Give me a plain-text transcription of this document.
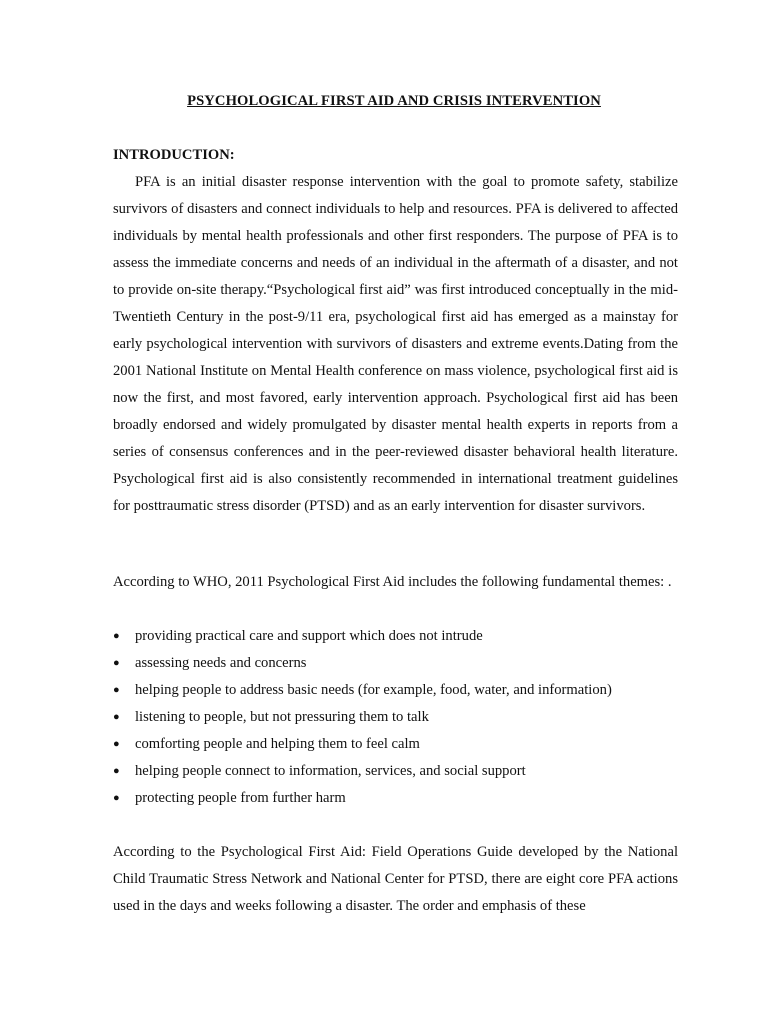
PSYCHOLOGICAL FIRST AID AND CRISIS INTERVENTION
INTRODUCTION:

PFA is an initial disaster response intervention with the goal to promote safety, stabilize survivors of disasters and connect individuals to help and resources. PFA is delivered to affected individuals by mental health professionals and other first responders. The purpose of PFA is to assess the immediate concerns and needs of an individual in the aftermath of a disaster, and not to provide on-site therapy.“Psychological first aid” was first introduced conceptually in the mid-Twentieth Century in the post-9/11 era, psychological first aid has emerged as a mainstay for early psychological intervention with survivors of disasters and extreme events.Dating from the 2001 National Institute on Mental Health conference on mass violence, psychological first aid is now the first, and most favored, early intervention approach. Psychological first aid has been broadly endorsed and widely promulgated by disaster mental health experts in reports from a series of consensus conferences and in the peer-reviewed disaster behavioral health literature. Psychological first aid is also consistently recommended in international treatment guidelines for posttraumatic stress disorder (PTSD) and as an early intervention for disaster survivors.

According to WHO, 2011 Psychological First Aid includes the following fundamental themes: .

● providing practical care and support which does not intrude
● assessing needs and concerns
● helping people to address basic needs (for example, food, water, and information)
● listening to people, but not pressuring them to talk
● comforting people and helping them to feel calm
● helping people connect to information, services, and social support
● protecting people from further harm

According to the Psychological First Aid: Field Operations Guide developed by the National Child Traumatic Stress Network and National Center for PTSD, there are eight core PFA actions used in the days and weeks following a disaster. The order and emphasis of these
